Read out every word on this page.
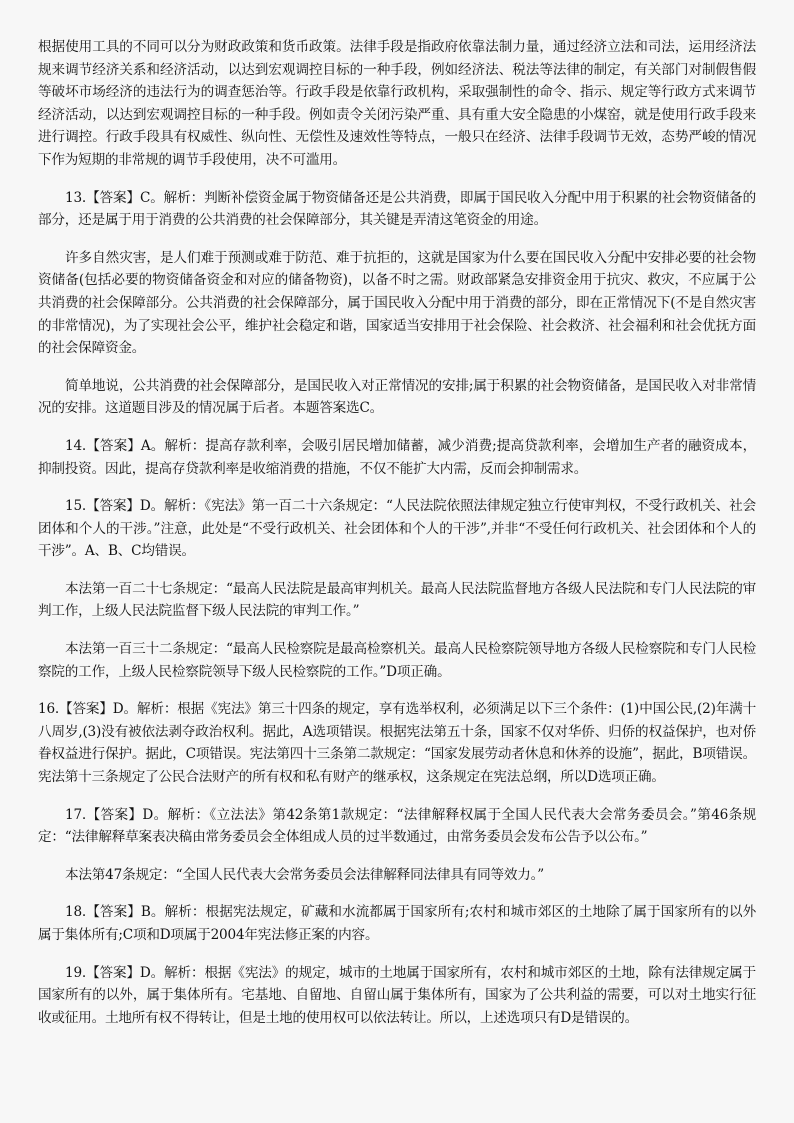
根据使用工具的不同可以分为财政政策和货币政策。法律手段是指政府依靠法制力量，通过经济立法和司法，运用经济法规来调节经济关系和经济活动，以达到宏观调控目标的一种手段，例如经济法、税法等法律的制定，有关部门对制假售假等破坏市场经济的违法行为的调查惩治等。行政手段是依靠行政机构，采取强制性的命令、指示、规定等行政方式来调节经济活动，以达到宏观调控目标的一种手段。例如责令关闭污染严重、具有重大安全隐患的小煤窑，就是使用行政手段来进行调控。行政手段具有权威性、纵向性、无偿性及速效性等特点，一般只在经济、法律手段调节无效，态势严峻的情况下作为短期的非常规的调节手段使用，决不可滥用。

13.【答案】C。解析：判断补偿资金属于物资储备还是公共消费，即属于国民收入分配中用于积累的社会物资储备的部分，还是属于用于消费的公共消费的社会保障部分，其关键是弄清这笔资金的用途。

许多自然灾害，是人们难于预测或难于防范、难于抗拒的，这就是国家为什么要在国民收入分配中安排必要的社会物资储备(包括必要的物资储备资金和对应的储备物资)，以备不时之需。财政部紧急安排资金用于抗灾、救灾，不应属于公共消费的社会保障部分。公共消费的社会保障部分，属于国民收入分配中用于消费的部分，即在正常情况下(不是自然灾害的非常情况)，为了实现社会公平，维护社会稳定和谐，国家适当安排用于社会保险、社会救济、社会福利和社会优抚方面的社会保障资金。

简单地说，公共消费的社会保障部分，是国民收入对正常情况的安排;属于积累的社会物资储备，是国民收入对非常情况的安排。这道题目涉及的情况属于后者。本题答案选C。

14.【答案】A。解析：提高存款利率，会吸引居民增加储蓄，减少消费;提高贷款利率，会增加生产者的融资成本，抑制投资。因此，提高存贷款利率是收缩消费的措施，不仅不能扩大内需，反而会抑制需求。

15.【答案】D。解析：《宪法》第一百二十六条规定：“人民法院依照法律规定独立行使审判权，不受行政机关、社会团体和个人的干涉。”注意，此处是“不受行政机关、社会团体和个人的干涉”,并非“不受任何行政机关、社会团体和个人的干涉”。A、B、C均错误。

本法第一百二十七条规定：“最高人民法院是最高审判机关。最高人民法院监督地方各级人民法院和专门人民法院的审判工作，上级人民法院监督下级人民法院的审判工作。”

本法第一百三十二条规定：“最高人民检察院是最高检察机关。最高人民检察院领导地方各级人民检察院和专门人民检察院的工作，上级人民检察院领导下级人民检察院的工作。”D项正确。

16.【答案】D。解析：根据《宪法》第三十四条的规定，享有选举权利，必须满足以下三个条件：(1)中国公民,(2)年满十八周岁,(3)没有被依法剥夺政治权利。据此，A选项错误。根据宪法第五十条，国家不仅对华侨、归侨的权益保护，也对侨眷权益进行保护。据此，C项错误。宪法第四十三条第二款规定：“国家发展劳动者休息和休养的设施”，据此，B项错误。宪法第十三条规定了公民合法财产的所有权和私有财产的继承权，这条规定在宪法总纲，所以D选项正确。

17.【答案】D。解析：《立法法》第42条第1款规定：“法律解释权属于全国人民代表大会常务委员会。”第46条规定：“法律解释草案表决稿由常务委员会全体组成人员的过半数通过，由常务委员会发布公告予以公布。”

本法第47条规定：“全国人民代表大会常务委员会法律解释同法律具有同等效力。”

18.【答案】B。解析：根据宪法规定，矿藏和水流都属于国家所有;农村和城市郊区的土地除了属于国家所有的以外属于集体所有;C项和D项属于2004年宪法修正案的内容。

19.【答案】D。解析：根据《宪法》的规定，城市的土地属于国家所有，农村和城市郊区的土地，除有法律规定属于国家所有的以外，属于集体所有。宅基地、自留地、自留山属于集体所有，国家为了公共利益的需要，可以对土地实行征收或征用。土地所有权不得转让，但是土地的使用权可以依法转让。所以，上述选项只有D是错误的。
